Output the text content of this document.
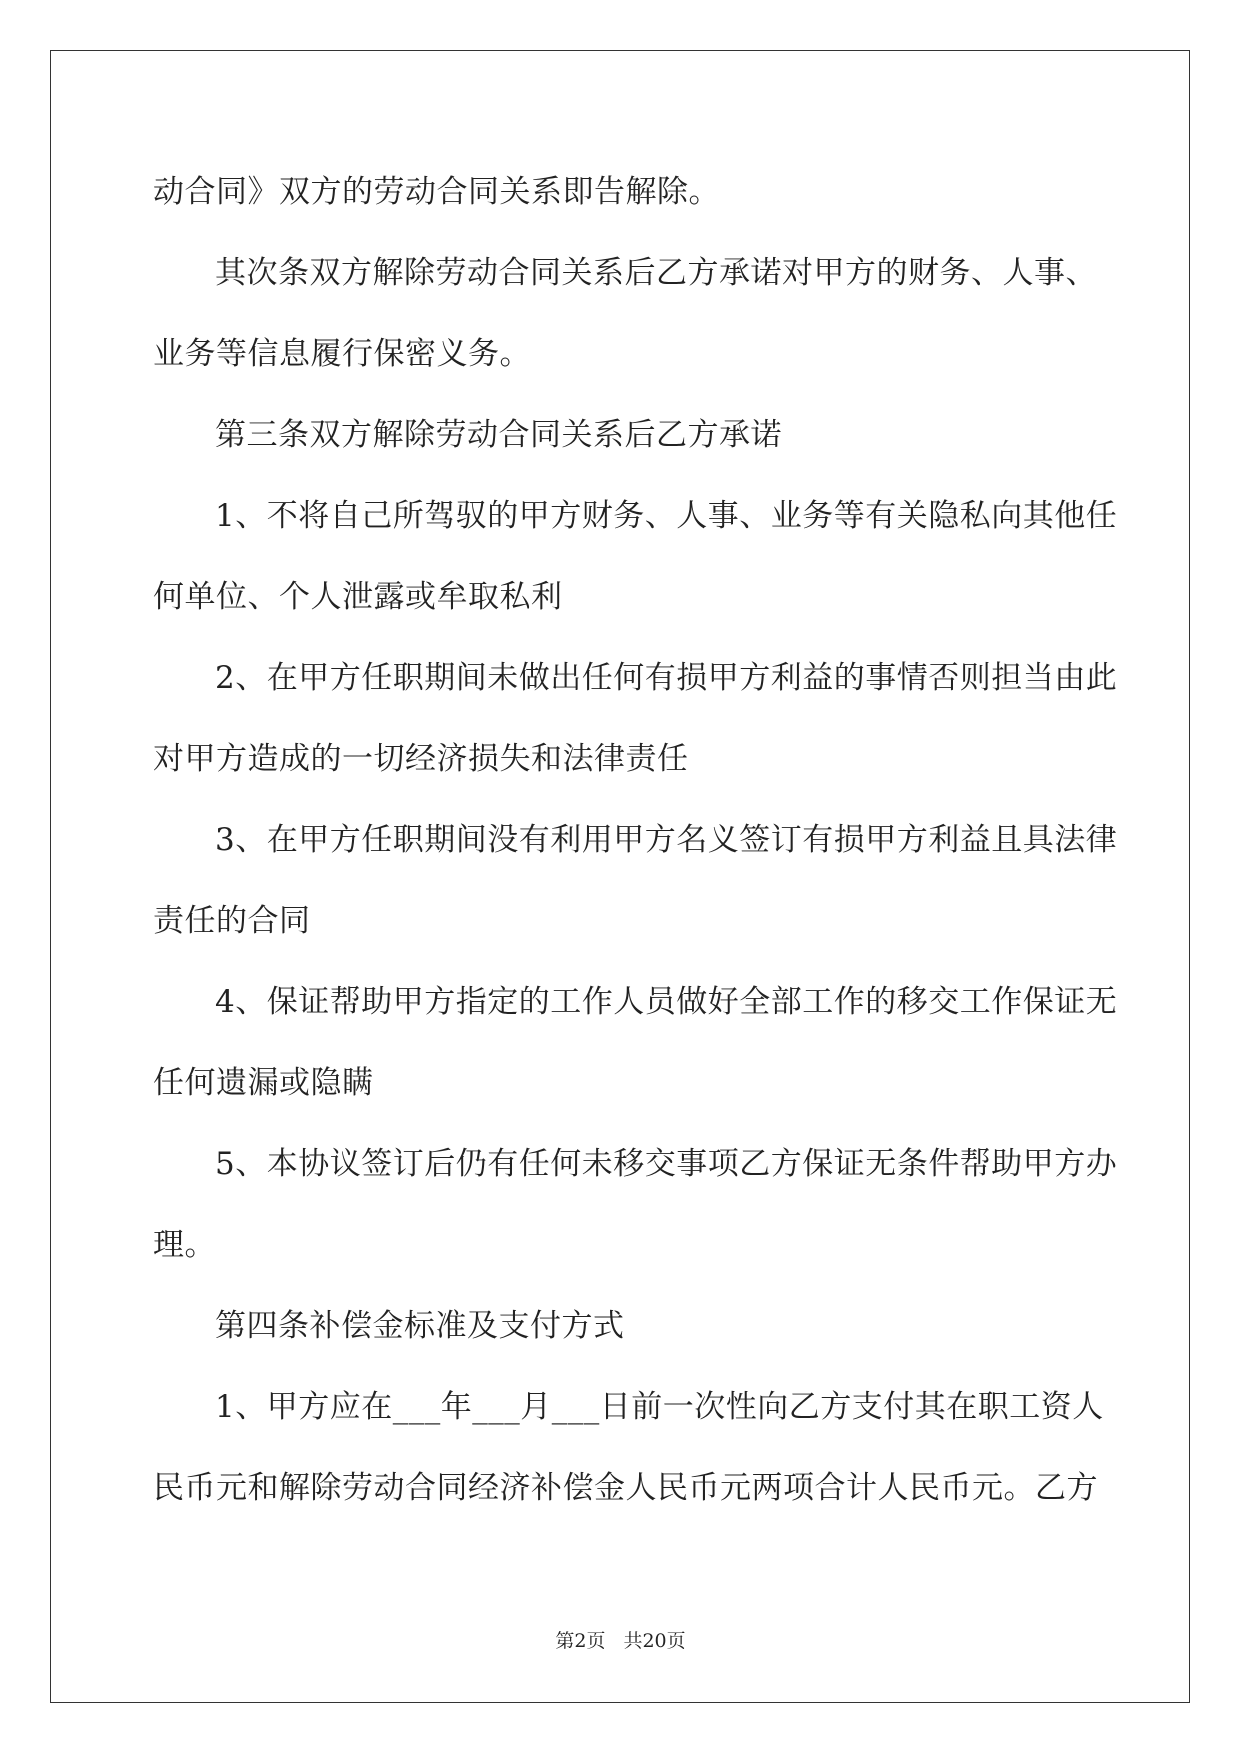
动合同》双方的劳动合同关系即告解除。

其次条双方解除劳动合同关系后乙方承诺对甲方的财务、人事、

业务等信息履行保密义务。

第三条双方解除劳动合同关系后乙方承诺

1、不将自己所驾驭的甲方财务、人事、业务等有关隐私向其他任

何单位、个人泄露或牟取私利

2、在甲方任职期间未做出任何有损甲方利益的事情否则担当由此

对甲方造成的一切经济损失和法律责任

3、在甲方任职期间没有利用甲方名义签订有损甲方利益且具法律

责任的合同

4、保证帮助甲方指定的工作人员做好全部工作的移交工作保证无

任何遗漏或隐瞒

5、本协议签订后仍有任何未移交事项乙方保证无条件帮助甲方办

理。

第四条补偿金标准及支付方式

1、甲方应在___年___月___日前一次性向乙方支付其在职工资人

民币元和解除劳动合同经济补偿金人民币元两项合计人民币元。乙方

第2页 共20页
